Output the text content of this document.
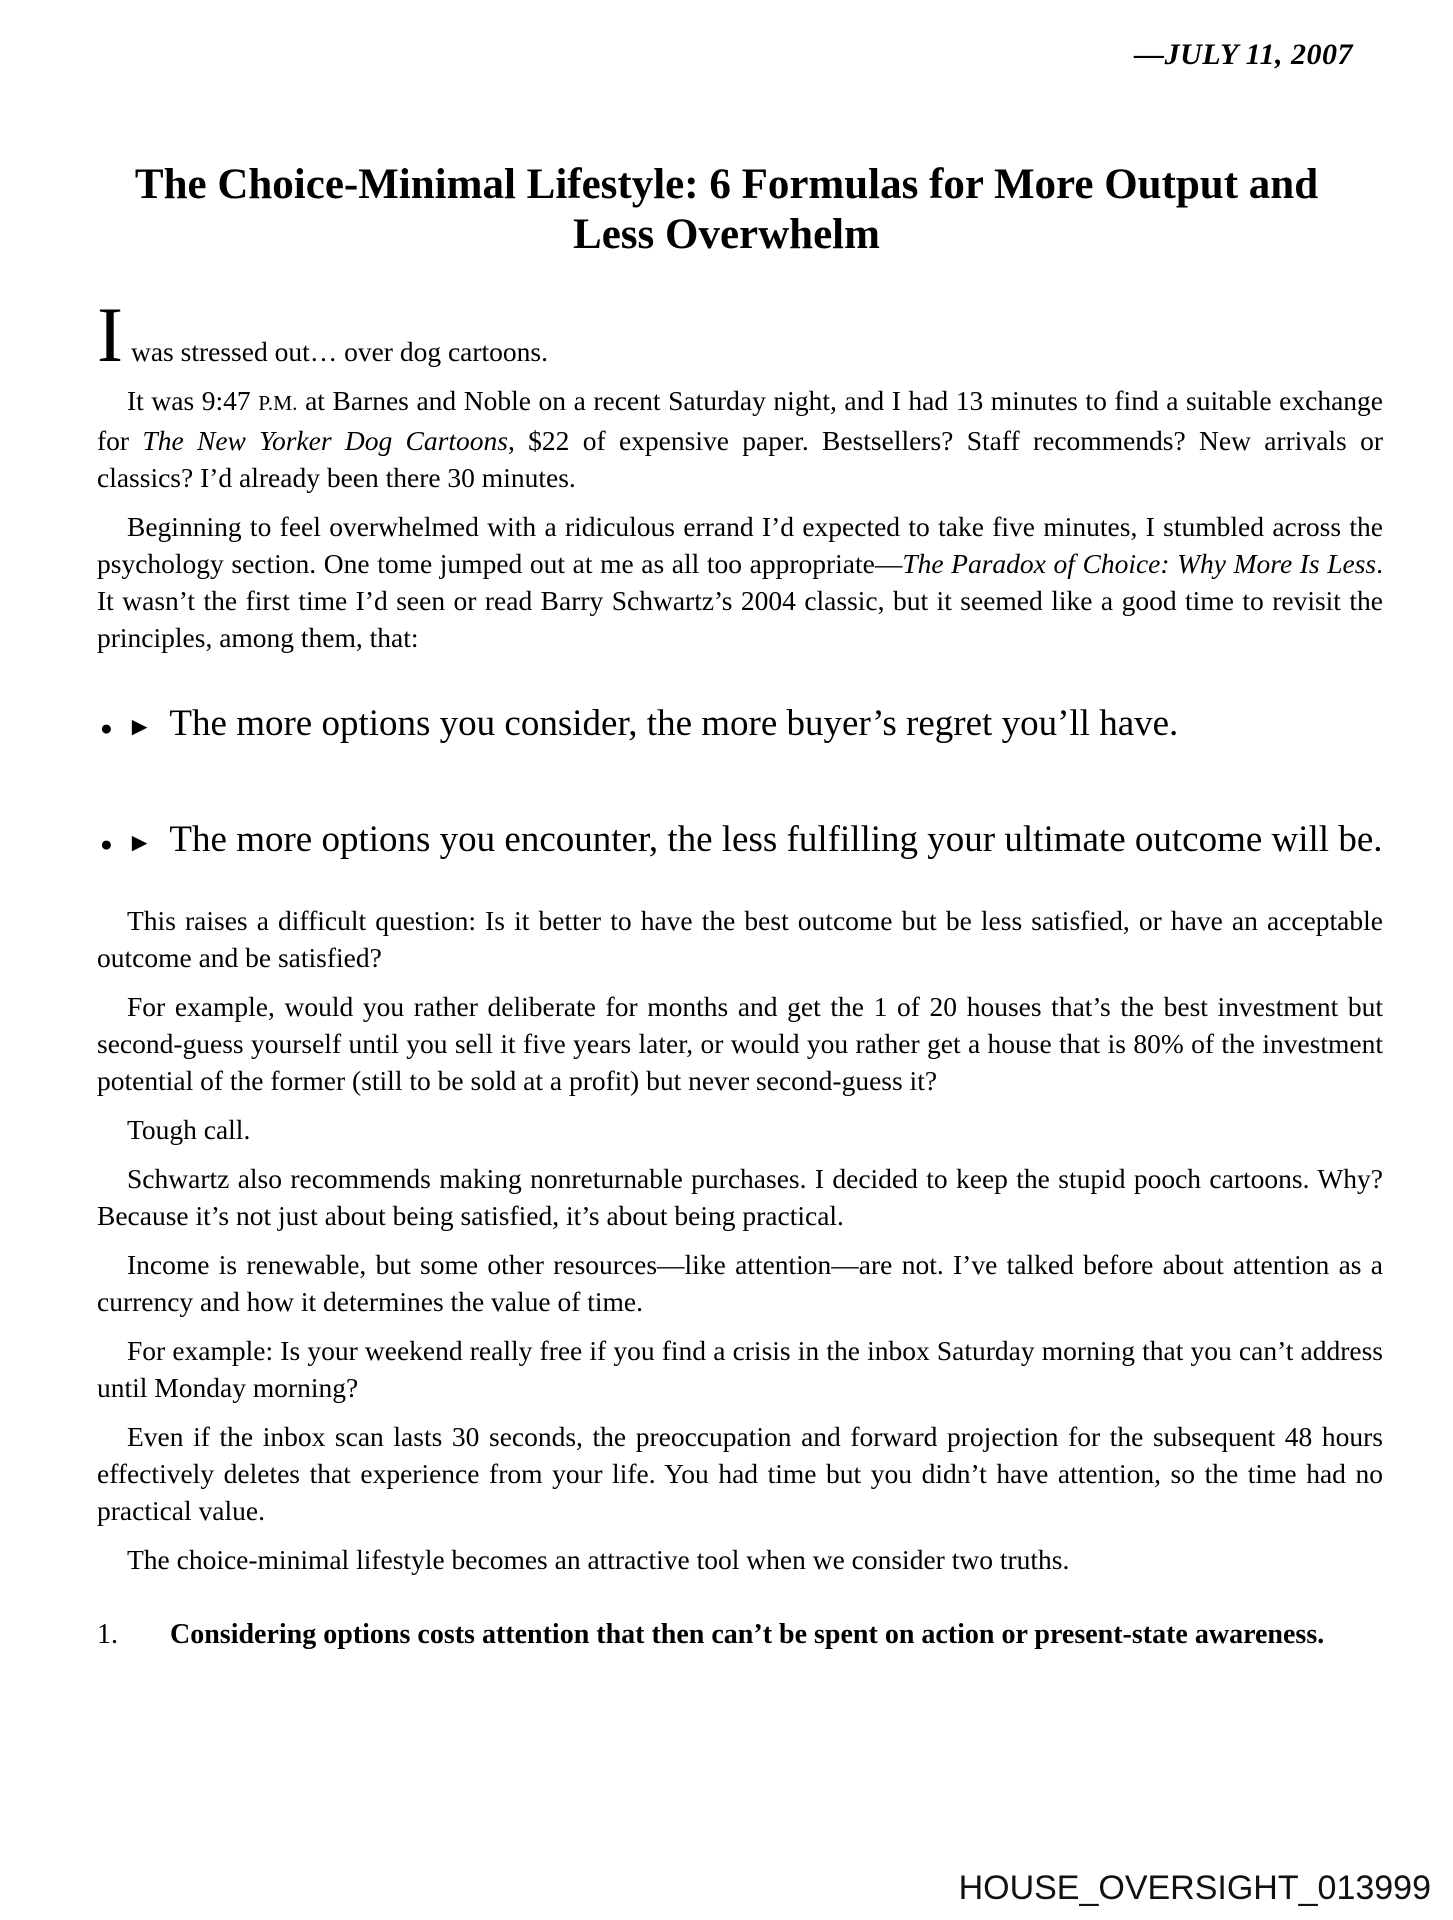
—JULY 11, 2007
The Choice-Minimal Lifestyle: 6 Formulas for More Output and
Less Overwhelm

Iwas stressed out… over dog cartoons.

It was 9:47 P.M. at Barnes and Noble on a recent Saturday night, and I had 13 minutes to find a suitable exchange for The New Yorker Dog Cartoons, $22 of expensive paper. Bestsellers? Staff recommends? New arrivals or classics? I’d already been there 30 minutes.

Beginning to feel overwhelmed with a ridiculous errand I’d expected to take five minutes, I stumbled across the psychology section. One tome jumped out at me as all too appropriate—The Paradox of Choice: Why More Is Less. It wasn’t the first time I’d seen or read Barry Schwartz’s 2004 classic, but it seemed like a good time to revisit the principles, among them, that:

● ► The more options you consider, the more buyer’s regret you’ll have.
● ► The more options you encounter, the less fulfilling your ultimate outcome will be.

This raises a difficult question: Is it better to have the best outcome but be less satisfied, or have an acceptable outcome and be satisfied?

For example, would you rather deliberate for months and get the 1 of 20 houses that’s the best investment but second-guess yourself until you sell it five years later, or would you rather get a house that is 80% of the investment potential of the former (still to be sold at a profit) but never second-guess it?

Tough call.

Schwartz also recommends making nonreturnable purchases. I decided to keep the stupid pooch cartoons. Why? Because it’s not just about being satisfied, it’s about being practical.

Income is renewable, but some other resources—like attention—are not. I’ve talked before about attention as a currency and how it determines the value of time.

For example: Is your weekend really free if you find a crisis in the inbox Saturday morning that you can’t address until Monday morning?

Even if the inbox scan lasts 30 seconds, the preoccupation and forward projection for the subsequent 48 hours effectively deletes that experience from your life. You had time but you didn’t have attention, so the time had no practical value.

The choice-minimal lifestyle becomes an attractive tool when we consider two truths.

1.	Considering options costs attention that then can’t be spent on action or present-state awareness.
HOUSE_OVERSIGHT_013999
